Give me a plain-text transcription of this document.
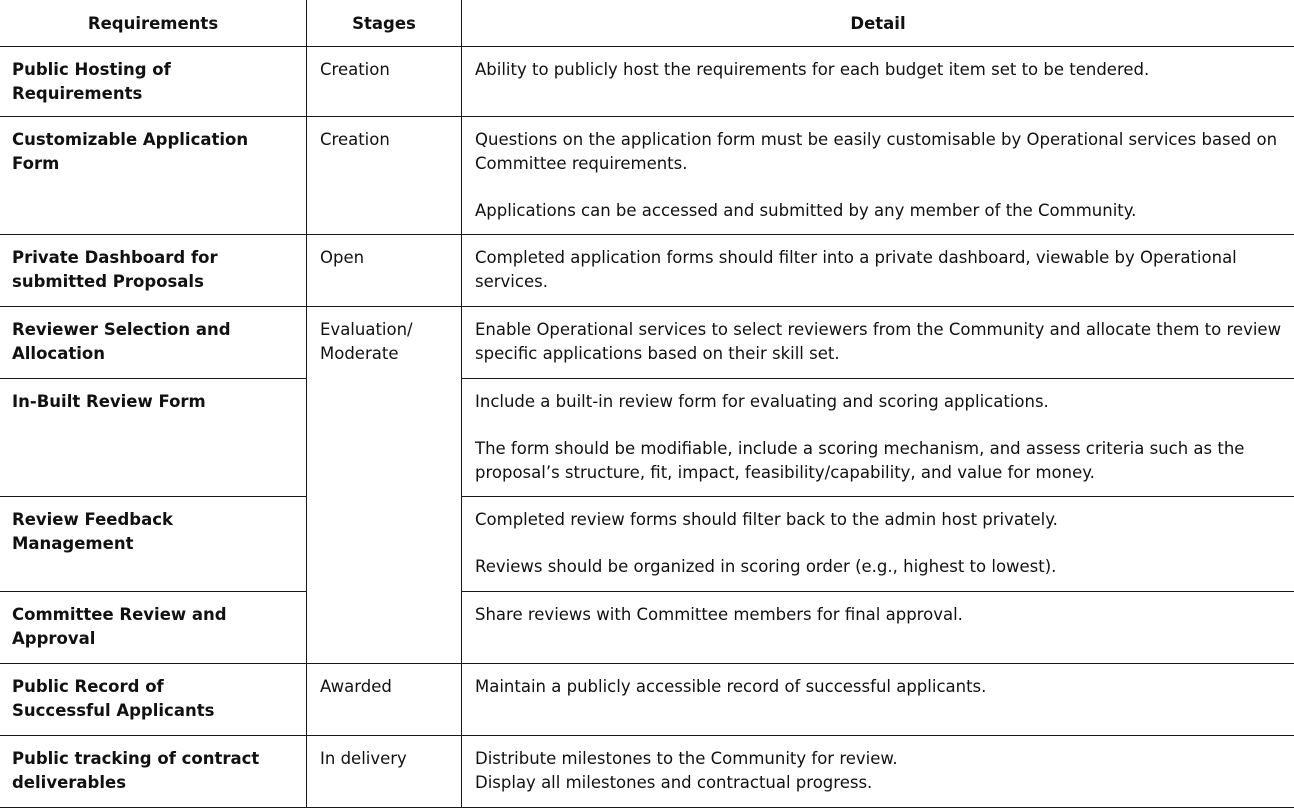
Requirements	Stages	Detail
Public Hosting of Requirements	Creation	Ability to publicly host the requirements for each budget item set to be tendered.

Customizable Application Form	Creation	Questions on the application form must be easily customisable by Operational services based on Committee requirements.
Applications can be accessed and submitted by any member of the Community.

Private Dashboard for submitted Proposals	Open	Completed application forms should filter into a private dashboard, viewable by Operational services.

Reviewer Selection and Allocation	Evaluation/ Moderate	Enable Operational services to select reviewers from the Community and allocate them to review specific applications based on their skill set.

In-Built Review Form		Include a built-in review form for evaluating and scoring applications.
The form should be modifiable, include a scoring mechanism, and assess criteria such as the proposal’s structure, fit, impact, feasibility/capability, and value for money.

Review Feedback Management		Completed review forms should filter back to the admin host privately.
Reviews should be organized in scoring order (e.g., highest to lowest).

Committee Review and Approval		Share reviews with Committee members for final approval.

Public Record of Successful Applicants	Awarded	Maintain a publicly accessible record of successful applicants.

Public tracking of contract deliverables	In delivery	Distribute milestones to the Community for review.
Display all milestones and contractual progress.
